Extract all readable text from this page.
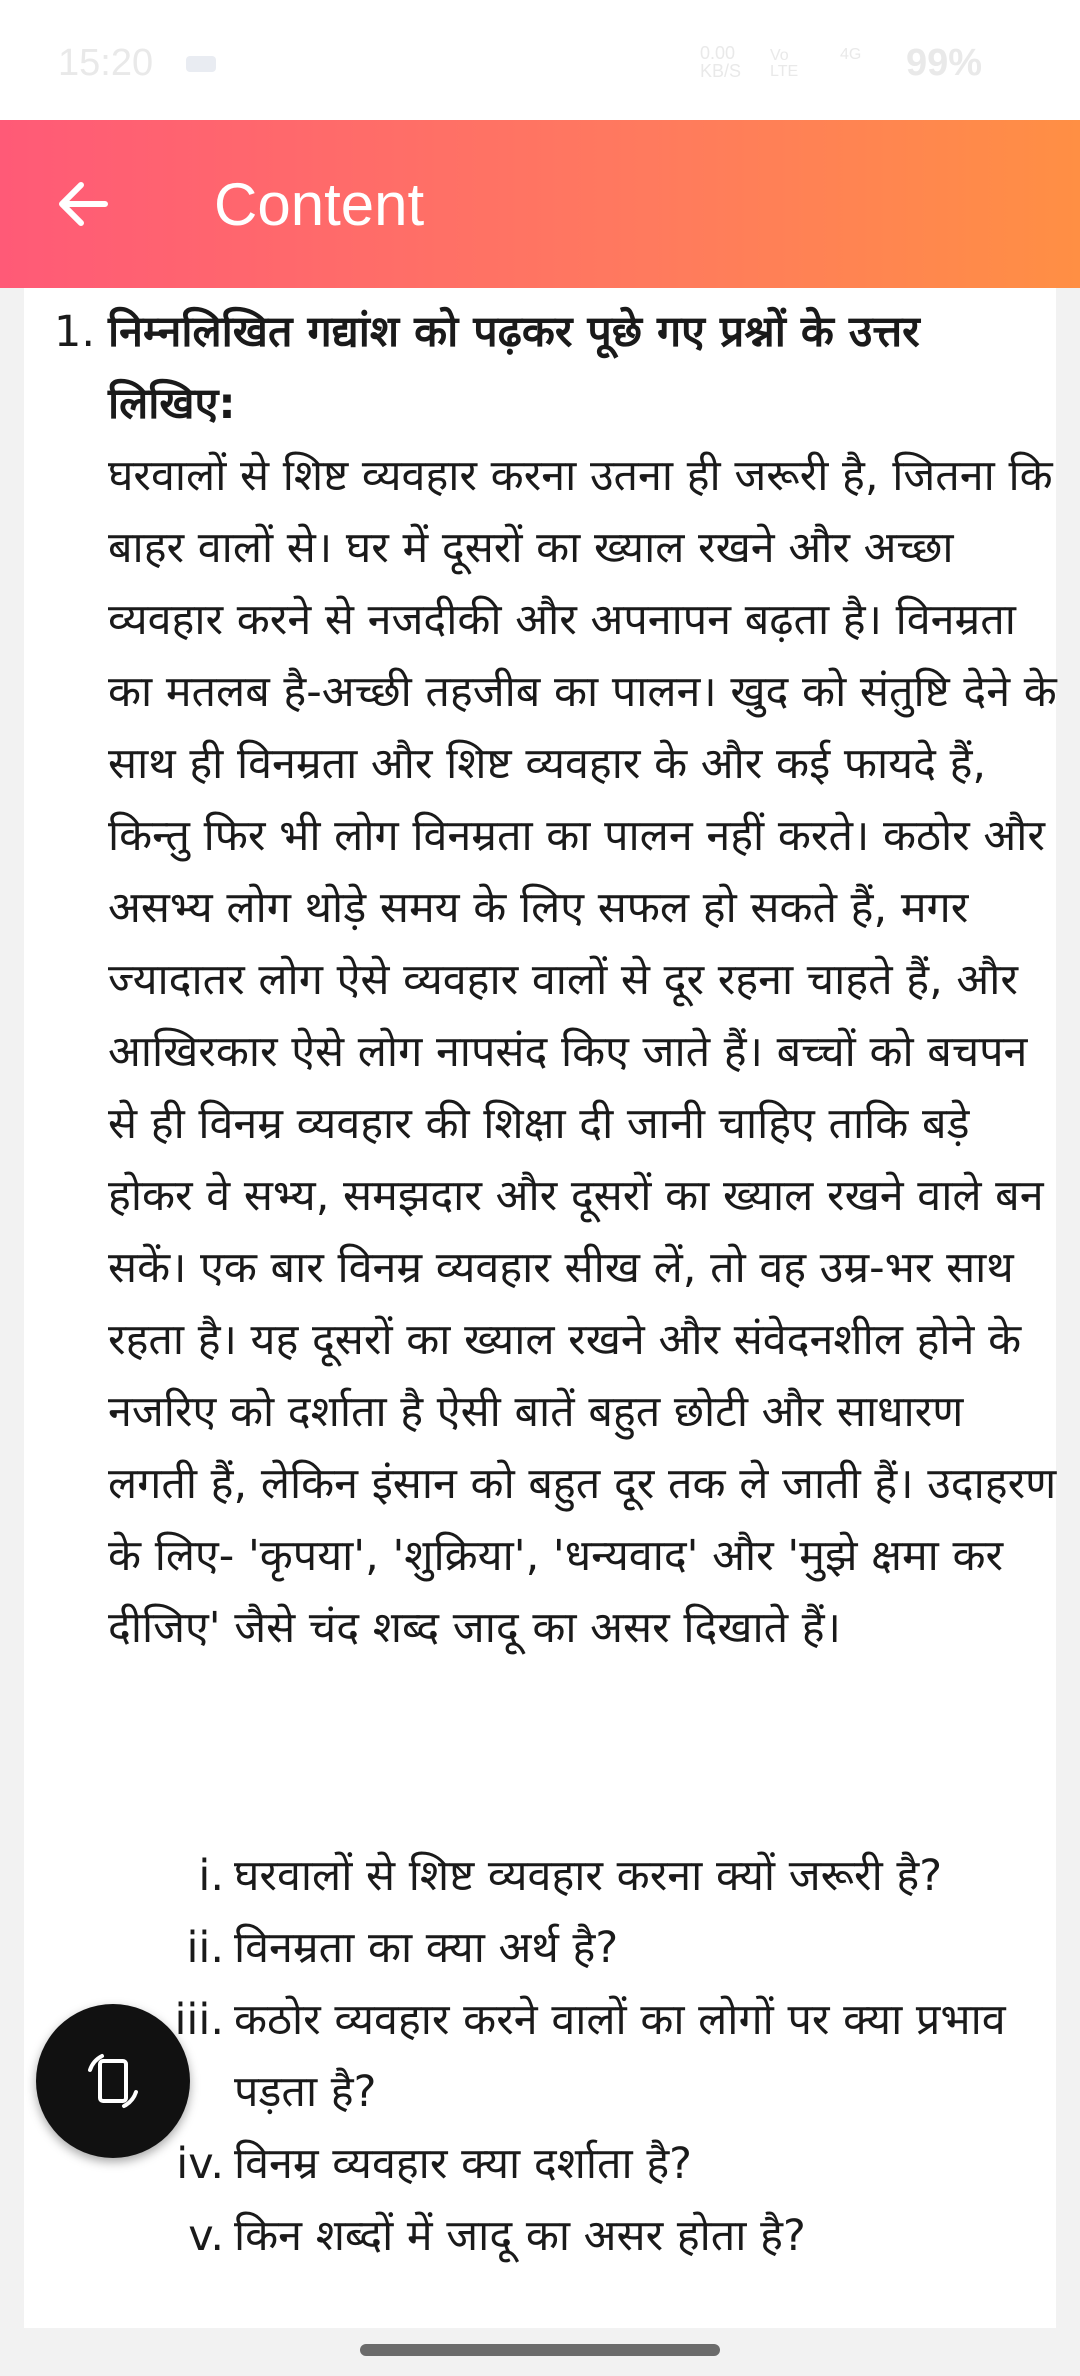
15:20	0.00
KB/S
Vo
LTE
4G 99%
Content
1. निम्नलिखित गद्यांश को पढ़कर पूछे गए प्रश्नों के उत्तर लिखिए:

घरवालों से शिष्ट व्यवहार करना उतना ही जरूरी है, जितना कि बाहर वालों से। घर में दूसरों का ख्याल रखने और अच्छा व्यवहार करने से नजदीकी और अपनापन बढ़ता है। विनम्रता का मतलब है-अच्छी तहजीब का पालन। खुद को संतुष्टि देने के साथ ही विनम्रता और शिष्ट व्यवहार के और कई फायदे हैं, किन्तु फिर भी लोग विनम्रता का पालन नहीं करते। कठोर और असभ्य लोग थोड़े समय के लिए सफल हो सकते हैं, मगर ज्यादातर लोग ऐसे व्यवहार वालों से दूर रहना चाहते हैं, और आखिरकार ऐसे लोग नापसंद किए जाते हैं। बच्चों को बचपन से ही विनम्र व्यवहार की शिक्षा दी जानी चाहिए ताकि बड़े होकर वे सभ्य, समझदार और दूसरों का ख्याल रखने वाले बन सकें। एक बार विनम्र व्यवहार सीख लें, तो वह उम्र-भर साथ रहता है। यह दूसरों का ख्याल रखने और संवेदनशील होने के नजरिए को दर्शाता है ऐसी बातें बहुत छोटी और साधारण लगती हैं, लेकिन इंसान को बहुत दूर तक ले जाती हैं। उदाहरण के लिए- 'कृपया', 'शुक्रिया', 'धन्यवाद' और 'मुझे क्षमा कर दीजिए' जैसे चंद शब्द जादू का असर दिखाते हैं।

i. घरवालों से शिष्ट व्यवहार करना क्यों जरूरी है?
ii. विनम्रता का क्या अर्थ है?
iii. कठोर व्यवहार करने वालों का लोगों पर क्या प्रभाव पड़ता है?
iv. विनम्र व्यवहार क्या दर्शाता है?
v. किन शब्दों में जादू का असर होता है?
